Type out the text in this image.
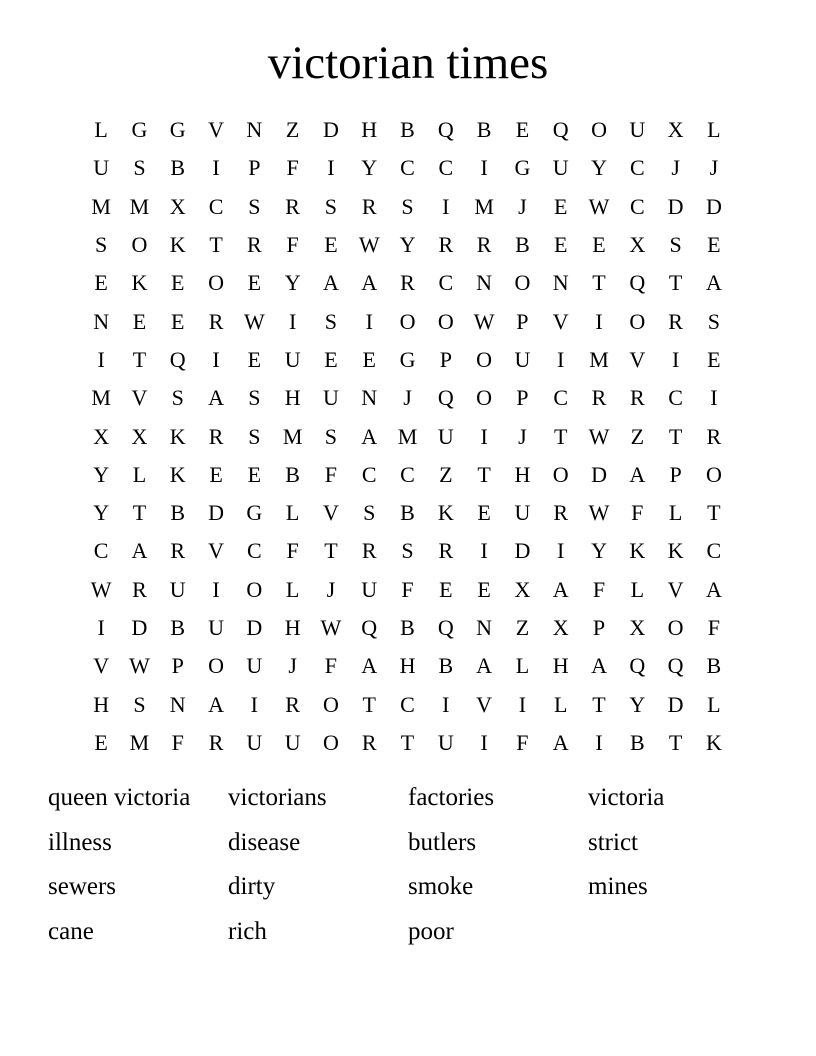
victorian times
L	G	G	V	N	Z	D	H	B	Q	B	E	Q	O	U	X	L
U	S	B	I	P	F	I	Y	C	C	I	G	U	Y	C	J	J
M M X	C	S	R	S	R	S	I	M	J	E W C	D	D
S	O	K	T	R	F	E W Y	R	R	B	E	E	X	S	E
E	K	E	O	E	Y	A	A	R	C	N	O	N	T	Q	T	A
N	E	E	R W	I	S	I	O	O W P	V	I	O	R	S
I	T	Q	I	E	U	E	E	G	P	O	U	I	M V	I	E
M V	S	A	S	H	U	N	J	Q	O	P	C	R	R	C	I
X	X	K	R	S	M	S	A M U	I	J	T W Z	T	R
Y	L	K	E	E	B	F	C	C	Z	T	H	O	D	A	P	O
Y	T	B	D	G	L	V	S	B	K	E	U	R W F	L	T
C	A	R	V	C	F	T	R	S	R	I	D	I	Y	K	K	C
W R	U	I	O	L	J	U	F	E	E	X	A	F	L	V	A
I	D	B	U	D	H W Q	B	Q	N	Z	X	P	X	O	F
V W P	O	U	J	F	A	H	B	A	L	H	A	Q	Q	B
H	S	N	A	I	R	O	T	C	I	V	I	L	T	Y	D	L
E M	F	R	U	U	O	R	T	U	I	F	A	I	B	T	K
queen victoria	victorians	factories	victoria
illness	disease	butlers	strict
sewers	dirty	smoke	mines
cane	rich	poor
